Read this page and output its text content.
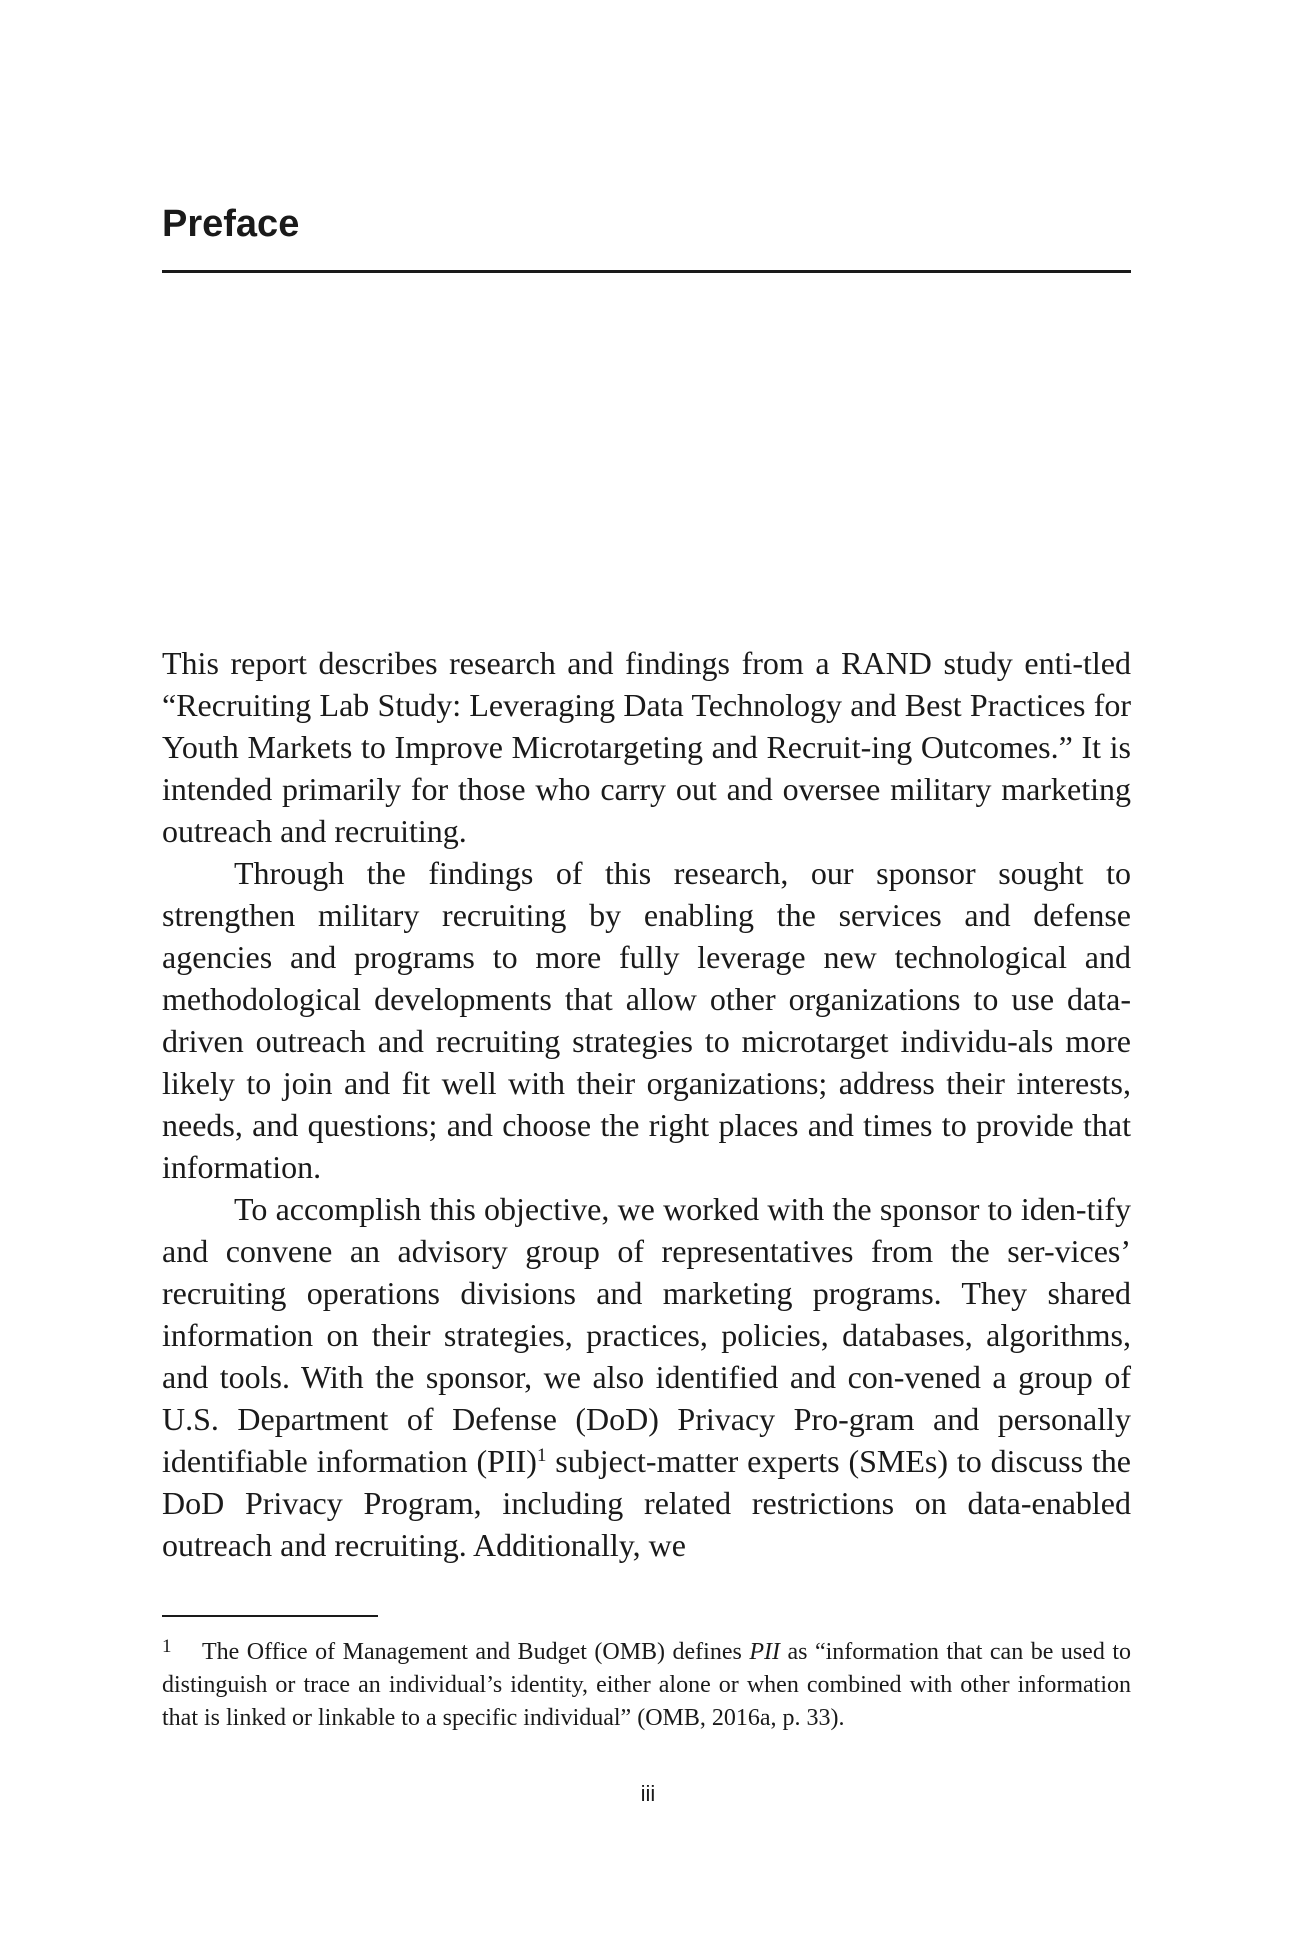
Preface

This report describes research and findings from a RAND study enti-tled “Recruiting Lab Study: Leveraging Data Technology and Best Practices for Youth Markets to Improve Microtargeting and Recruit-ing Outcomes.” It is intended primarily for those who carry out and oversee military marketing outreach and recruiting.

Through the findings of this research, our sponsor sought to strengthen military recruiting by enabling the services and defense agencies and programs to more fully leverage new technological and methodological developments that allow other organizations to use data-driven outreach and recruiting strategies to microtarget individu-als more likely to join and fit well with their organizations; address their interests, needs, and questions; and choose the right places and times to provide that information.

To accomplish this objective, we worked with the sponsor to iden-tify and convene an advisory group of representatives from the ser-vices’ recruiting operations divisions and marketing programs. They shared information on their strategies, practices, policies, databases, algorithms, and tools. With the sponsor, we also identified and con-vened a group of U.S. Department of Defense (DoD) Privacy Pro-gram and personally identifiable information (PII)$^1$ subject-matter experts (SMEs) to discuss the DoD Privacy Program, including related restrictions on data-enabled outreach and recruiting. Additionally, we

1 The Office of Management and Budget (OMB) defines PII as “information that can be used to distinguish or trace an individual’s identity, either alone or when combined with other information that is linked or linkable to a specific individual” (OMB, 2016a, p. 33).

iii
